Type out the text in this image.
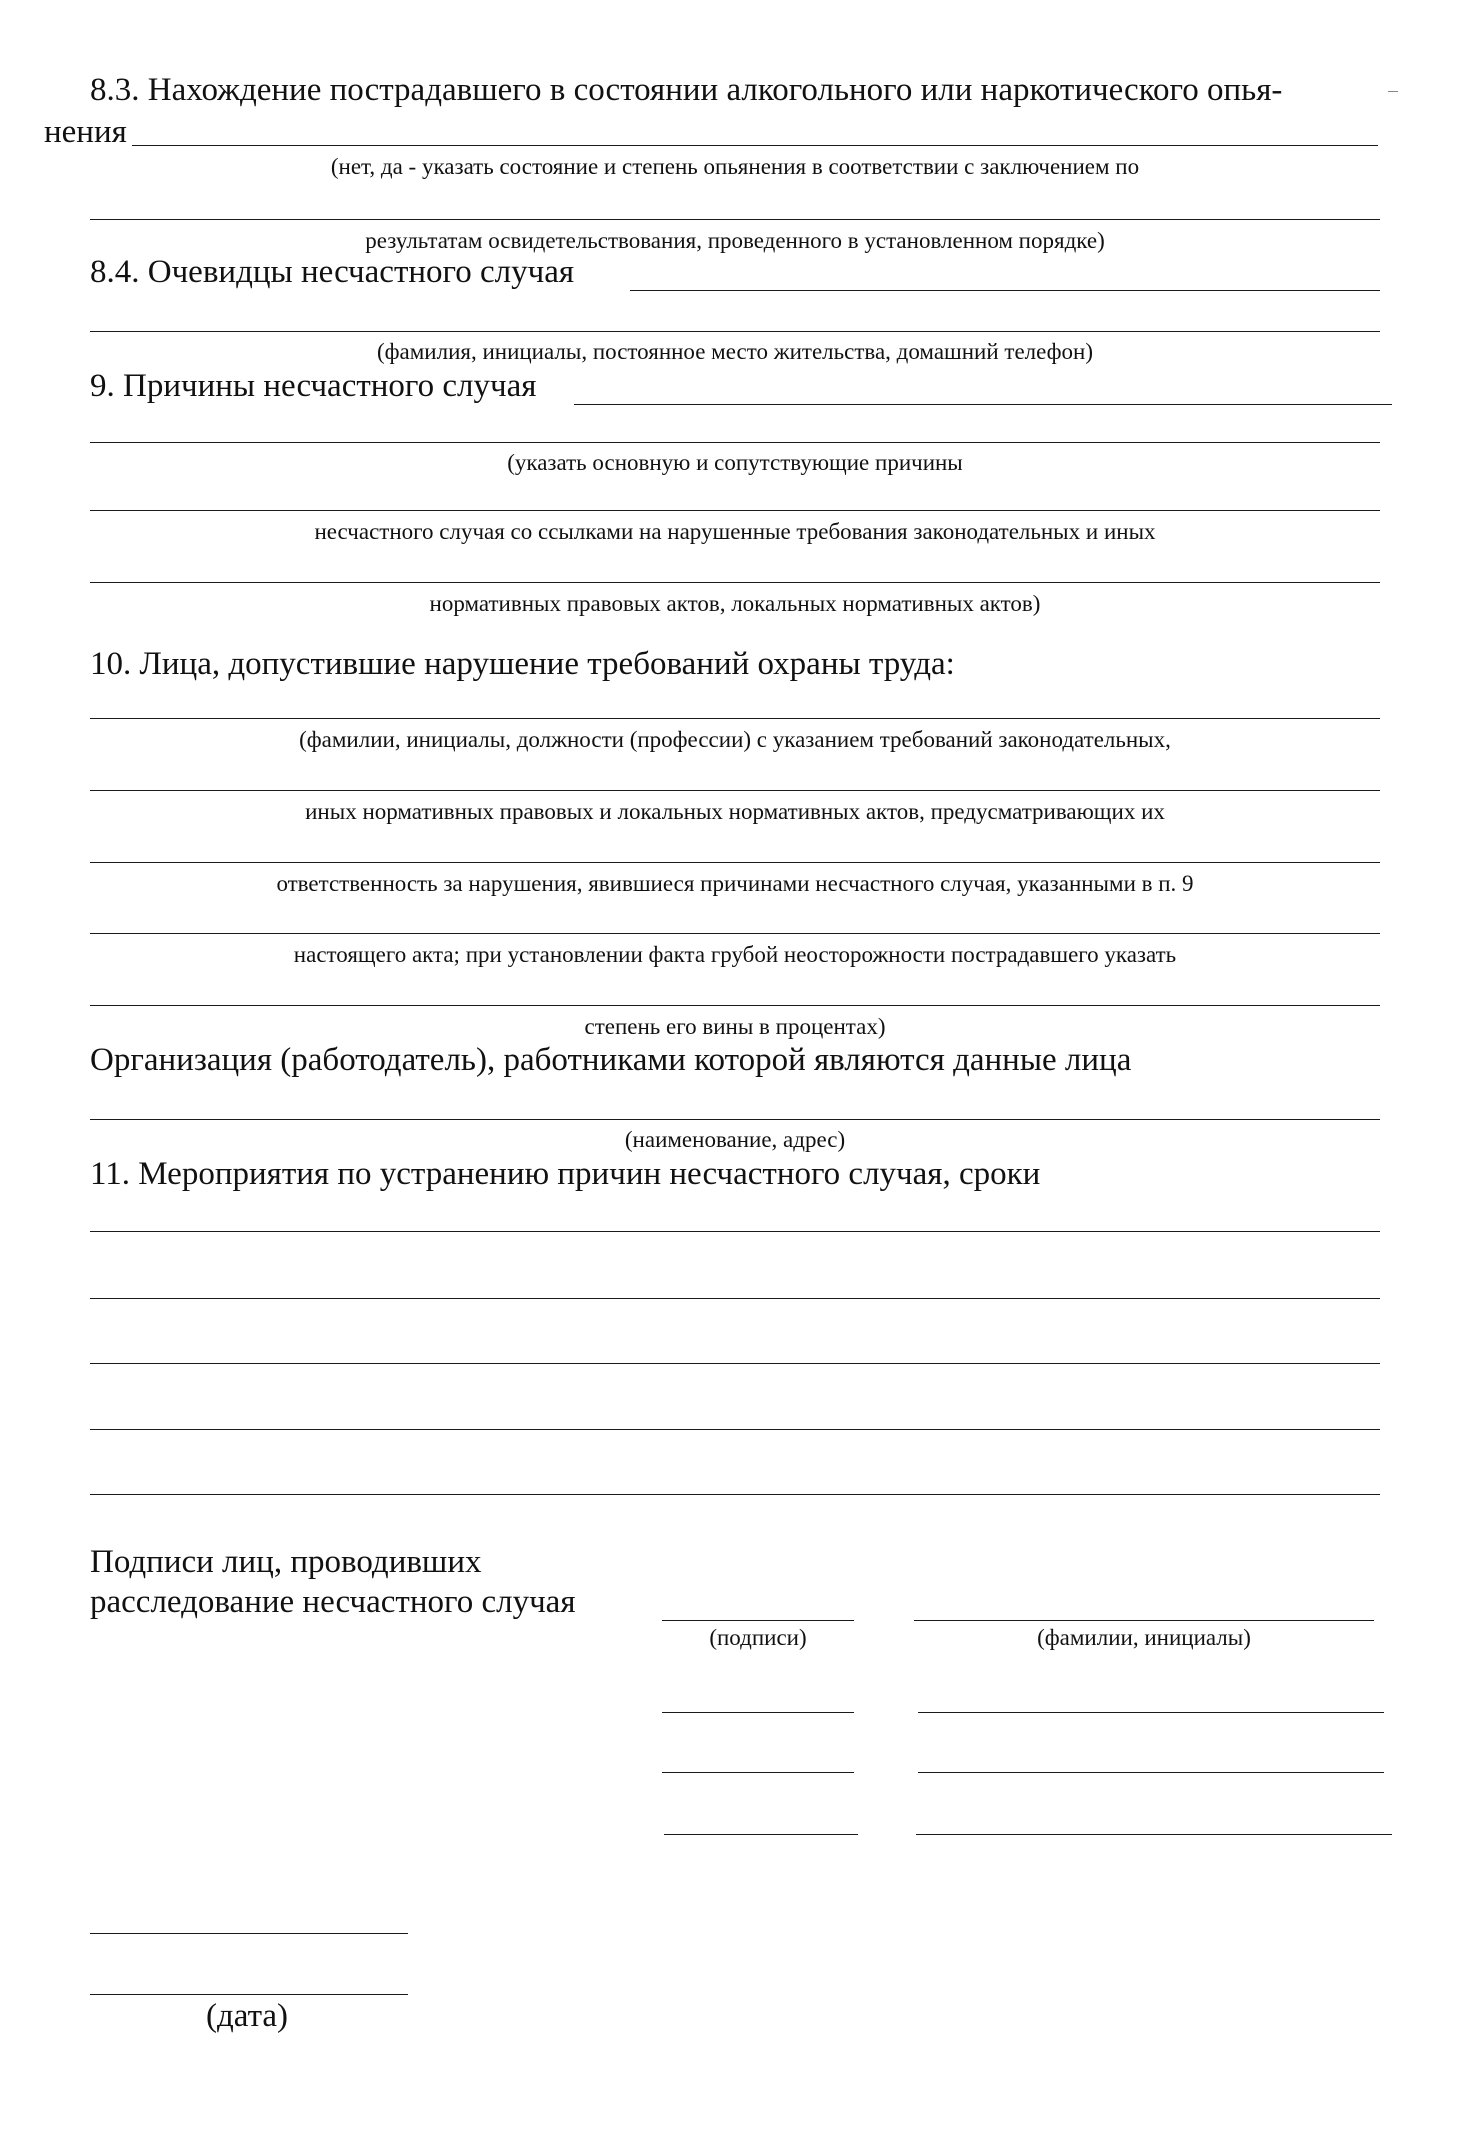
8.3. Нахождение пострадавшего в состоянии алкогольного или наркотического опья-
нения
(нет, да - указать состояние и степень опьянения в соответствии с заключением по
результатам освидетельствования, проведенного в установленном порядке)
8.4. Очевидцы несчастного случая
(фамилия, инициалы, постоянное место жительства, домашний телефон)
9. Причины несчастного случая
(указать основную и сопутствующие причины
несчастного случая со ссылками на нарушенные требования законодательных и иных
нормативных правовых актов, локальных нормативных актов)
10. Лица, допустившие нарушение требований охраны труда:
(фамилии, инициалы, должности (профессии) с указанием требований законодательных,
иных нормативных правовых и локальных нормативных актов, предусматривающих их
ответственность за нарушения, явившиеся причинами несчастного случая, указанными в п. 9
настоящего акта; при установлении факта грубой неосторожности пострадавшего указать
степень его вины в процентах)
Организация (работодатель), работниками которой являются данные лица
(наименование, адрес)
11. Мероприятия по устранению причин несчастного случая, сроки
Подписи лиц, проводивших
расследование несчастного случая
(подписи)	(фамилии, инициалы)
(дата)
